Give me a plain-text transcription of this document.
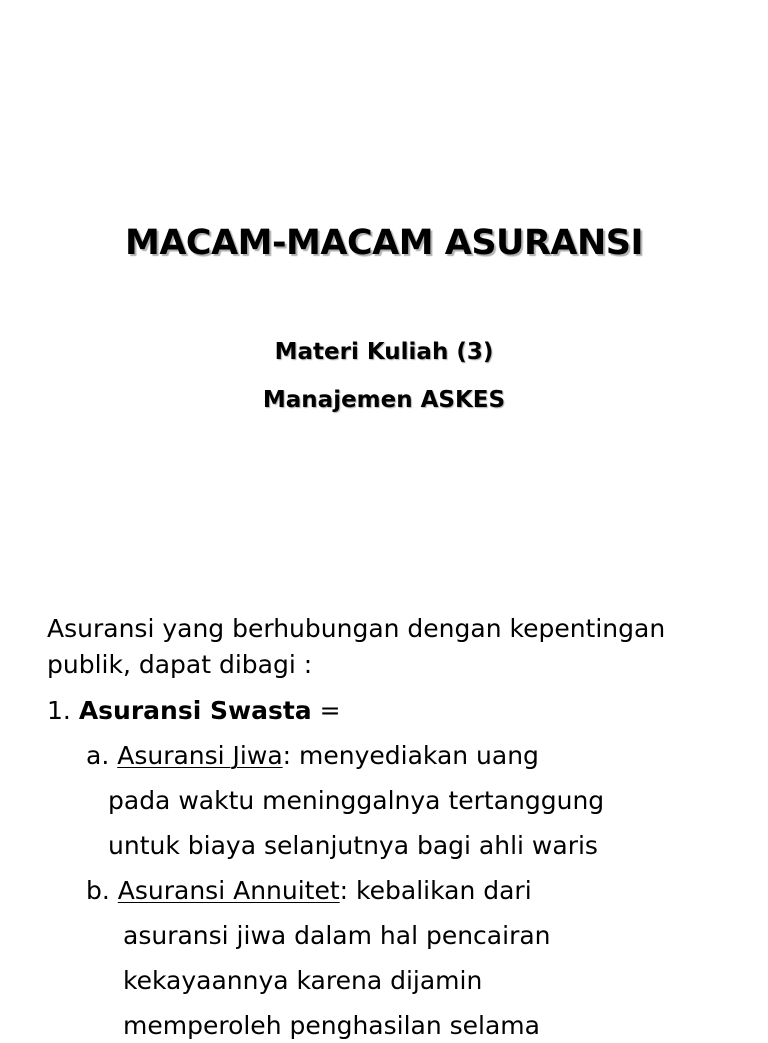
MACAM-MACAM ASURANSI
Materi Kuliah (3)
Manajemen ASKES
Asuransi yang berhubungan dengan kepentingan
publik, dapat dibagi :
1. Asuransi Swasta =
a. Asuransi Jiwa: menyediakan uang
pada waktu meninggalnya tertanggung
untuk biaya selanjutnya bagi ahli waris
b. Asuransi Annuitet: kebalikan dari
asuransi jiwa dalam hal pencairan
kekayaannya karena dijamin
memperoleh penghasilan selama
